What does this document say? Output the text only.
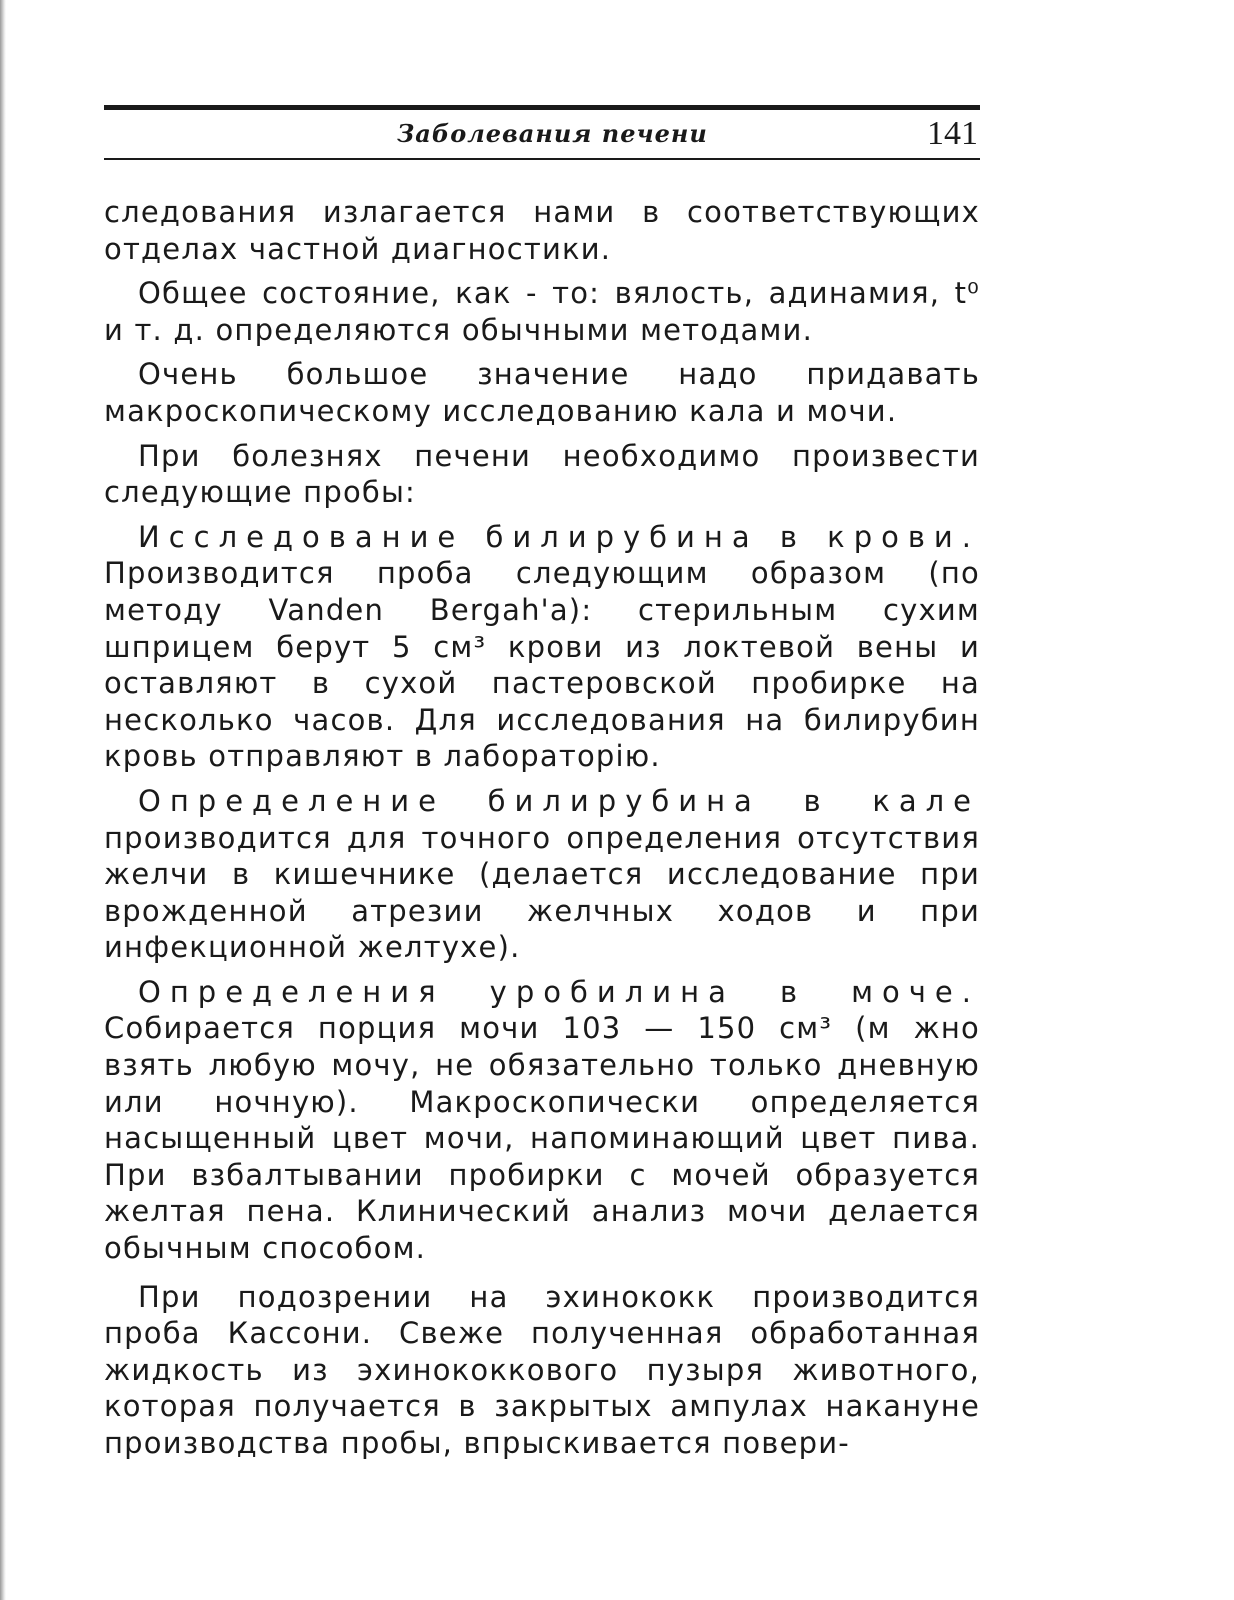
Заболевания печени	141

следования излагается нами в соответствующих отделах частной диагностики.

Общее состояние, как - то: вялость, адинамия, t⁰ и т. д. определяются обычными методами.

Очень большое значение надо придавать макроскопическому исследованию кала и мочи.

При болезнях печени необходимо произвести следующие пробы:

Исследование билирубина в крови. Производится проба следующим образом (по методу Vanden Bergah'a): стерильным сухим шприцем берут 5 см³ крови из локтевой вены и оставляют в сухой пастеровской пробирке на несколько часов. Для исследования на билирубин кровь отправляют в лабораторію.

Определение билирубина в кале производится для точного определения отсутствия желчи в кишечнике (делается исследование при врожденной атрезии желчных ходов и при инфекционной желтухе).

Определения уробилина в моче. Собирается порция мочи 103 — 150 см³ (м жно взять любую мочу, не обязательно только дневную или ночную). Макроскопически определяется насыщенный цвет мочи, напоминающий цвет пива. При взбалтывании пробирки с мочей образуется желтая пена. Клинический анализ мочи делается обычным способом.

При подозрении на эхинококк производится проба Кассони. Свеже полученная обработанная жидкость из эхинококкового пузыря животного, которая получается в закрытых ампулах накануне производства пробы, впрыскивается повери-
